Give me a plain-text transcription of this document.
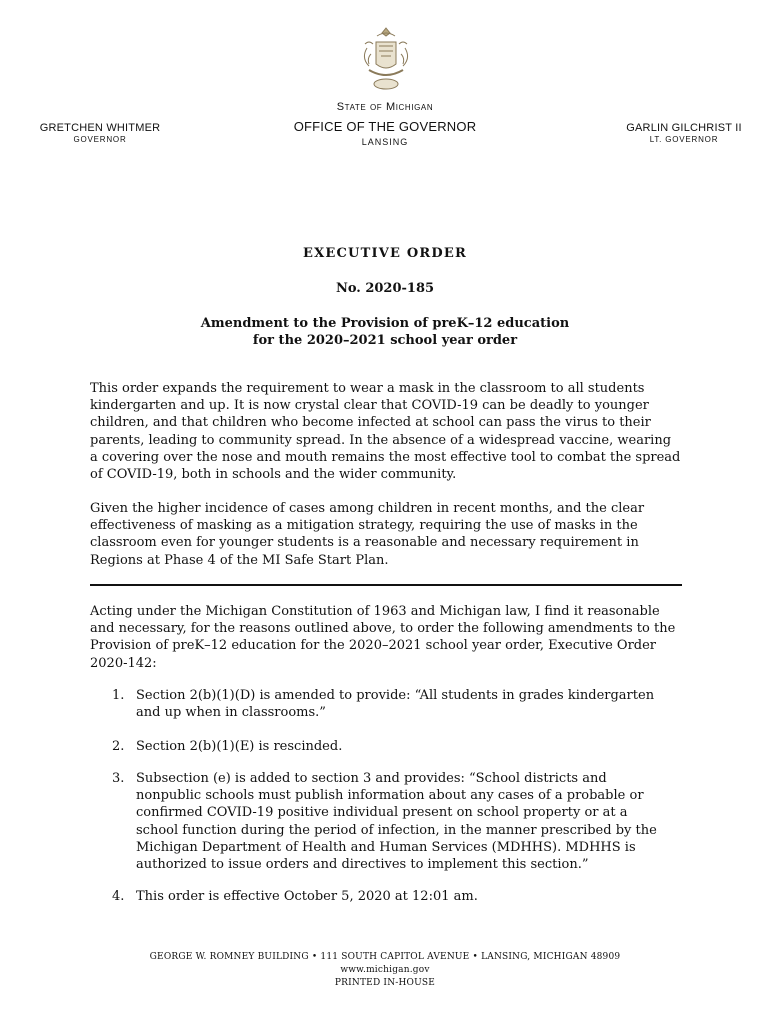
State of Michigan
OFFICE OF THE GOVERNOR
LANSING
GRETCHEN WHITMER
GOVERNOR
GARLIN GILCHRIST II
LT. GOVERNOR
EXECUTIVE ORDER
No. 2020-185
Amendment to the Provision of preK–12 education
for the 2020–2021 school year order
This order expands the requirement to wear a mask in the classroom to all students kindergarten and up. It is now crystal clear that COVID-19 can be deadly to younger children, and that children who become infected at school can pass the virus to their parents, leading to community spread. In the absence of a widespread vaccine, wearing a covering over the nose and mouth remains the most effective tool to combat the spread of COVID-19, both in schools and the wider community.
Given the higher incidence of cases among children in recent months, and the clear effectiveness of masking as a mitigation strategy, requiring the use of masks in the classroom even for younger students is a reasonable and necessary requirement in Regions at Phase 4 of the MI Safe Start Plan.
Acting under the Michigan Constitution of 1963 and Michigan law, I find it reasonable and necessary, for the reasons outlined above, to order the following amendments to the Provision of preK–12 education for the 2020–2021 school year order, Executive Order 2020-142:
1. Section 2(b)(1)(D) is amended to provide: “All students in grades kindergarten and up when in classrooms.”
2. Section 2(b)(1)(E) is rescinded.
3. Subsection (e) is added to section 3 and provides: “School districts and nonpublic schools must publish information about any cases of a probable or confirmed COVID-19 positive individual present on school property or at a school function during the period of infection, in the manner prescribed by the Michigan Department of Health and Human Services (MDHHS). MDHHS is authorized to issue orders and directives to implement this section.”
4. This order is effective October 5, 2020 at 12:01 am.
GEORGE W. ROMNEY BUILDING • 111 SOUTH CAPITOL AVENUE • LANSING, MICHIGAN 48909
www.michigan.gov
PRINTED IN-HOUSE
